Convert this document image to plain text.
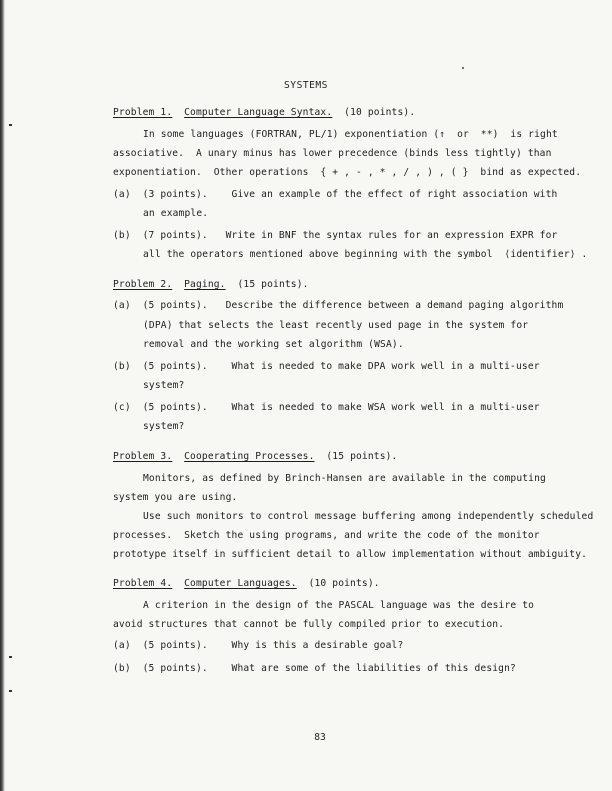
SYSTEMS
Problem 1. Computer Language Syntax. (10 points).
In some languages (FORTRAN, PL/1) exponentiation (↑  or  **)  is right
associative.  A unary minus has lower precedence (binds less tightly) than
exponentiation.  Other operations  { + , - , * , / , ) , ( }  bind as expected.
(a)  (3 points).    Give an example of the effect of right association with
an example.
(b)  (7 points).   Write in BNF the syntax rules for an expression EXPR for
all the operators mentioned above beginning with the symbol  ⟨identifier⟩ .
Problem 2. Paging. (15 points).
(a)  (5 points).   Describe the difference between a demand paging algorithm
(DPA) that selects the least recently used page in the system for
removal and the working set algorithm (WSA).
(b)  (5 points).    What is needed to make DPA work well in a multi-user
system?
(c)  (5 points).    What is needed to make WSA work well in a multi-user
system?
Problem 3. Cooperating Processes. (15 points).
Monitors, as defined by Brinch-Hansen are available in the computing
system you are using.
Use such monitors to control message buffering among independently scheduled
processes.  Sketch the using programs, and write the code of the monitor
prototype itself in sufficient detail to allow implementation without ambiguity.
Problem 4. Computer Languages. (10 points).
A criterion in the design of the PASCAL language was the desire to
avoid structures that cannot be fully compiled prior to execution.
(a)  (5 points).    Why is this a desirable goal?
(b)  (5 points).    What are some of the liabilities of this design?
83
